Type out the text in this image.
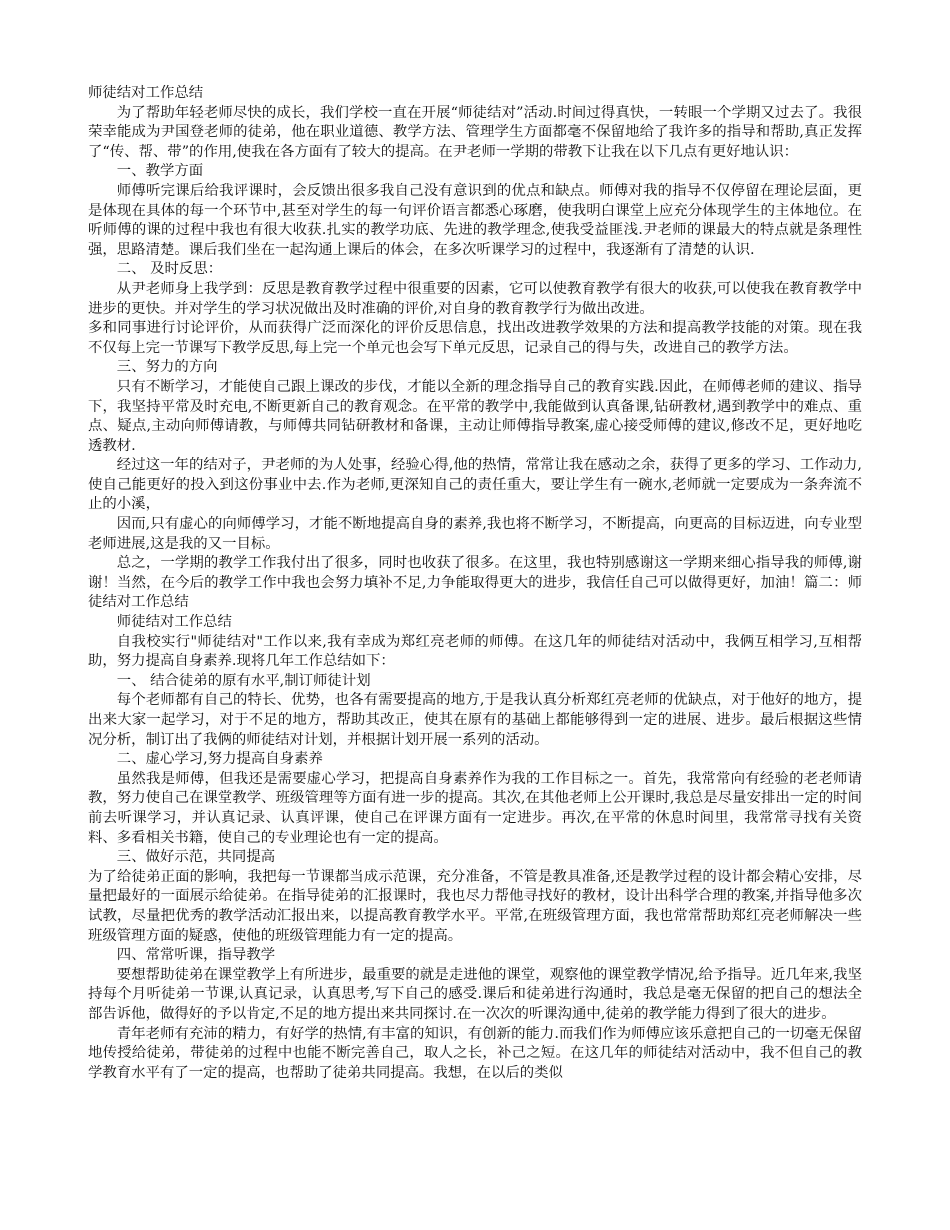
师徒结对工作总结

为了帮助年轻老师尽快的成长，我们学校一直在开展“师徒结对”活动.时间过得真快，一转眼一个学期又过去了。我很荣幸能成为尹国登老师的徒弟，他在职业道德、教学方法、管理学生方面都毫不保留地给了我许多的指导和帮助,真正发挥了“传、帮、带”的作用,使我在各方面有了较大的提高。在尹老师一学期的带教下让我在以下几点有更好地认识：

一、教学方面

师傅听完课后给我评课时，会反馈出很多我自己没有意识到的优点和缺点。师傅对我的指导不仅停留在理论层面，更是体现在具体的每一个环节中,甚至对学生的每一句评价语言都悉心琢磨，使我明白课堂上应充分体现学生的主体地位。在听师傅的课的过程中我也有很大收获.扎实的教学功底、先进的教学理念,使我受益匪浅.尹老师的课最大的特点就是条理性强，思路清楚。课后我们坐在一起沟通上课后的体会，在多次听课学习的过程中，我逐渐有了清楚的认识.

二、 及时反思：

从尹老师身上我学到：反思是教育教学过程中很重要的因素，它可以使教育教学有很大的收获,可以使我在教育教学中进步的更快。并对学生的学习状况做出及时准确的评价,对自身的教育教学行为做出改进。

多和同事进行讨论评价，从而获得广泛而深化的评价反思信息，找出改进教学效果的方法和提高教学技能的对策。现在我不仅每上完一节课写下教学反思,每上完一个单元也会写下单元反思，记录自己的得与失，改进自己的教学方法。

三、努力的方向

只有不断学习，才能使自己跟上课改的步伐，才能以全新的理念指导自己的教育实践.因此，在师傅老师的建议、指导下，我坚持平常及时充电,不断更新自己的教育观念。在平常的教学中,我能做到认真备课,钻研教材,遇到教学中的难点、重点、疑点,主动向师傅请教，与师傅共同钻研教材和备课，主动让师傅指导教案,虚心接受师傅的建议,修改不足，更好地吃透教材.

经过这一年的结对子，尹老师的为人处事，经验心得,他的热情，常常让我在感动之余，获得了更多的学习、工作动力,使自己能更好的投入到这份事业中去.作为老师,更深知自己的责任重大，要让学生有一碗水,老师就一定要成为一条奔流不止的小溪，

因而,只有虚心的向师傅学习，才能不断地提高自身的素养,我也将不断学习，不断提高，向更高的目标迈进，向专业型老师进展,这是我的又一目标。

总之，一学期的教学工作我付出了很多，同时也收获了很多。在这里，我也特别感谢这一学期来细心指导我的师傅,谢谢！当然，在今后的教学工作中我也会努力填补不足,力争能取得更大的进步，我信任自己可以做得更好，加油！篇二：师徒结对工作总结

师徒结对工作总结

自我校实行"师徒结对"工作以来,我有幸成为郑红亮老师的师傅。在这几年的师徒结对活动中，我俩互相学习,互相帮助，努力提高自身素养.现将几年工作总结如下：

一、 结合徒弟的原有水平,制订师徒计划

每个老师都有自己的特长、优势，也各有需要提高的地方,于是我认真分析郑红亮老师的优缺点，对于他好的地方，提出来大家一起学习，对于不足的地方，帮助其改正，使其在原有的基础上都能够得到一定的进展、进步。最后根据这些情况分析，制订出了我俩的师徒结对计划，并根据计划开展一系列的活动。

二、虚心学习,努力提高自身素养

虽然我是师傅，但我还是需要虚心学习，把提高自身素养作为我的工作目标之一。首先，我常常向有经验的老老师请教，努力使自己在课堂教学、班级管理等方面有进一步的提高。其次,在其他老师上公开课时,我总是尽量安排出一定的时间前去听课学习，并认真记录、认真评课，使自己在评课方面有一定进步。再次,在平常的休息时间里，我常常寻找有关资料、多看相关书籍，使自己的专业理论也有一定的提高。

三、做好示范，共同提高

为了给徒弟正面的影响，我把每一节课都当成示范课，充分准备，不管是教具准备,还是教学过程的设计都会精心安排，尽量把最好的一面展示给徒弟。在指导徒弟的汇报课时，我也尽力帮他寻找好的教材，设计出科学合理的教案,并指导他多次试教，尽量把优秀的教学活动汇报出来，以提高教育教学水平。平常,在班级管理方面，我也常常帮助郑红亮老师解决一些班级管理方面的疑惑，使他的班级管理能力有一定的提高。

四、常常听课，指导教学

要想帮助徒弟在课堂教学上有所进步，最重要的就是走进他的课堂，观察他的课堂教学情况,给予指导。近几年来,我坚持每个月听徒弟一节课,认真记录，认真思考,写下自己的感受.课后和徒弟进行沟通时，我总是毫无保留的把自己的想法全部告诉他，做得好的予以肯定,不足的地方提出来共同探讨.在一次次的听课沟通中,徒弟的教学能力得到了很大的进步。

青年老师有充沛的精力，有好学的热情,有丰富的知识，有创新的能力.而我们作为师傅应该乐意把自己的一切毫无保留地传授给徒弟，带徒弟的过程中也能不断完善自己，取人之长，补己之短。在这几年的师徒结对活动中，我不但自己的教学教育水平有了一定的提高，也帮助了徒弟共同提高。我想，在以后的类似
